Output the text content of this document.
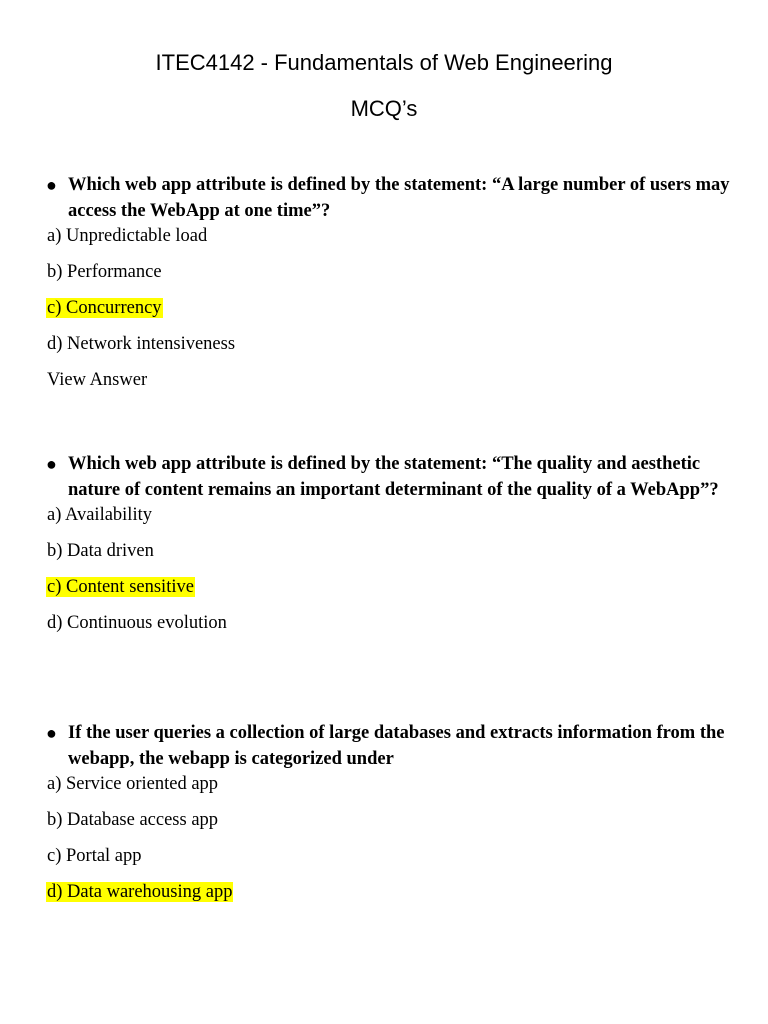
ITEC4142 - Fundamentals of Web Engineering
MCQ’s

● Which web app attribute is defined by the statement: “A large number of users may access the WebApp at one time”?

a) Unpredictable load

b) Performance

c) Concurrency

d) Network intensiveness

View Answer

● Which web app attribute is defined by the statement: “The quality and aesthetic nature of content remains an important determinant of the quality of a WebApp”?

a) Availability

b) Data driven

c) Content sensitive

d) Continuous evolution

● If the user queries a collection of large databases and extracts information from the webapp, the webapp is categorized under

a) Service oriented app

b) Database access app

c) Portal app

d) Data warehousing app
